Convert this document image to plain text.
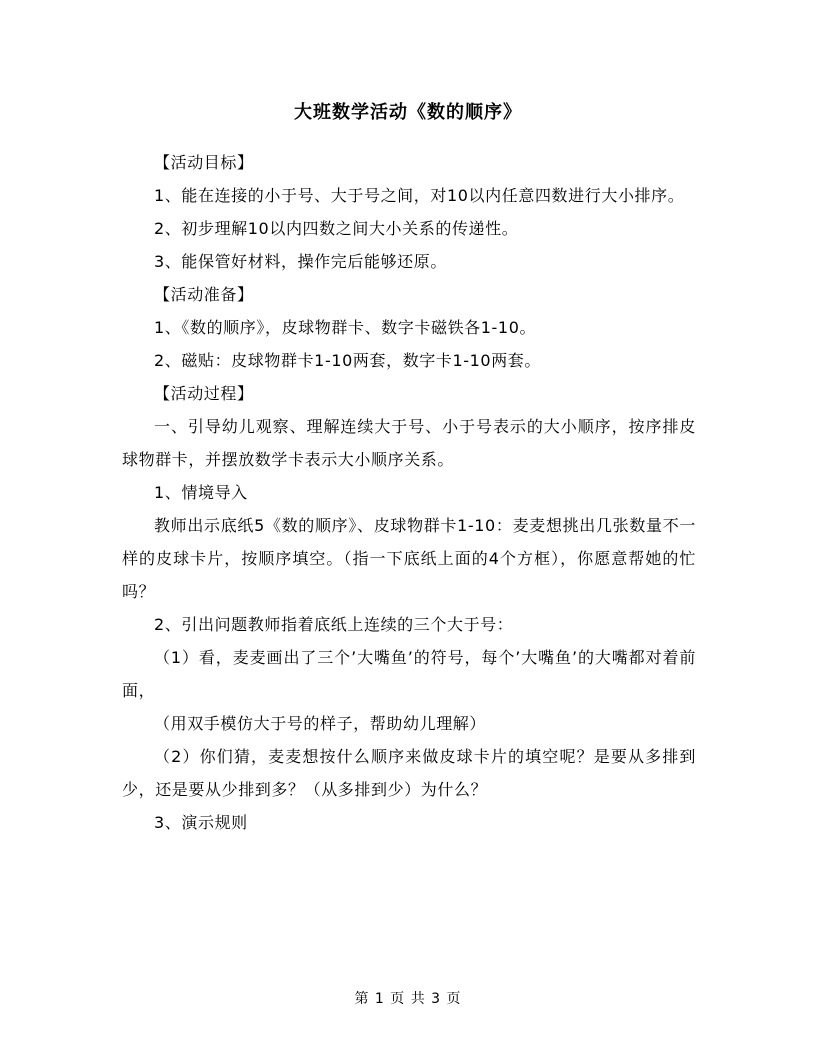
大班数学活动《数的顺序》

【活动目标】

1、能在连接的小于号、大于号之间，对10以内任意四数进行大小排序。

2、初步理解10以内四数之间大小关系的传递性。

3、能保管好材料，操作完后能够还原。

【活动准备】

1、《数的顺序》，皮球物群卡、数字卡磁铁各1-10。

2、磁贴：皮球物群卡1-10两套，数字卡1-10两套。

【活动过程】

一、引导幼儿观察、理解连续大于号、小于号表示的大小顺序，按序排皮球物群卡，并摆放数学卡表示大小顺序关系。

1、情境导入

教师出示底纸5《数的顺序》、皮球物群卡1-10：麦麦想挑出几张数量不一样的皮球卡片，按顺序填空。（指一下底纸上面的4个方框），你愿意帮她的忙吗？

2、引出问题教师指着底纸上连续的三个大于号：

（1）看，麦麦画出了三个’大嘴鱼’的符号，每个’大嘴鱼’的大嘴都对着前面，

（用双手模仿大于号的样子，帮助幼儿理解）

（2）你们猜，麦麦想按什么顺序来做皮球卡片的填空呢？是要从多排到少，还是要从少排到多？（从多排到少）为什么？

3、演示规则

第 1 页 共 3 页
